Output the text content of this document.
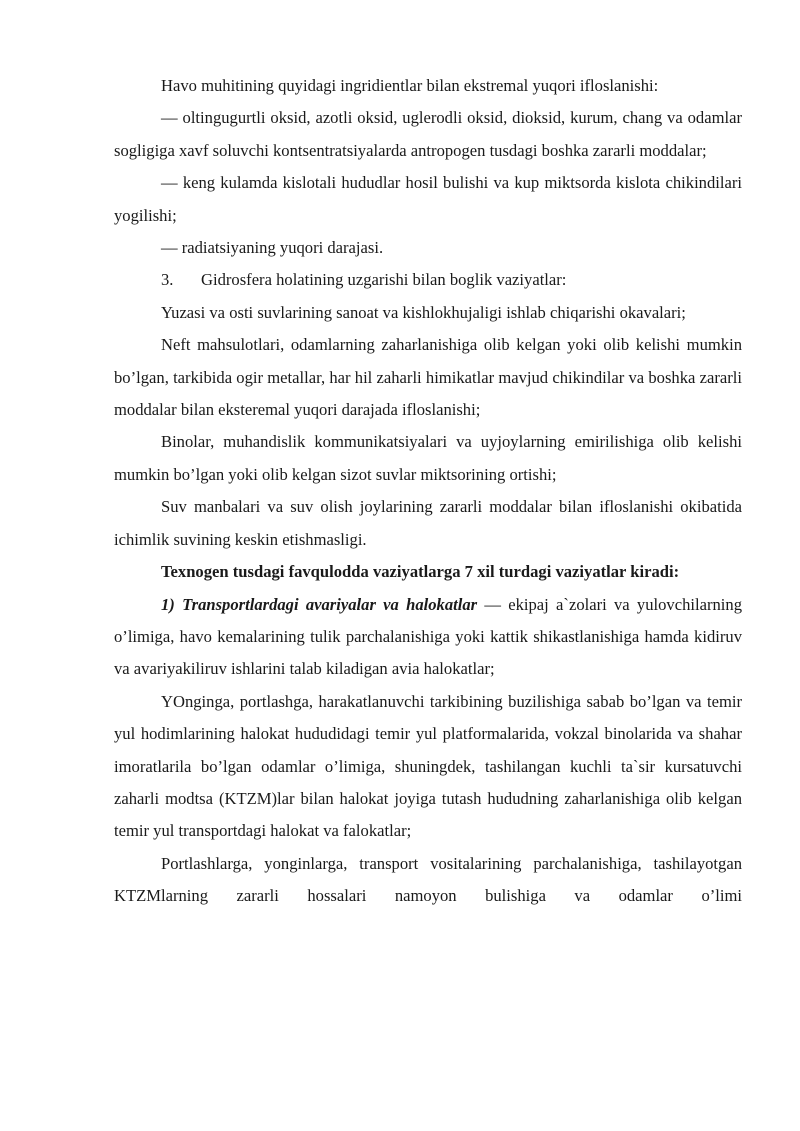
Havo muhitining quyidagi ingridientlar bilan ekstremal yuqori ifloslanishi:

— oltingugurtli oksid, azotli oksid, uglerodli oksid, dioksid, kurum, chang va odamlar sogligiga xavf soluvchi kontsentratsiyalarda antropogen tusdagi boshka zararli moddalar;

— keng kulamda kislotali hududlar hosil bulishi va kup miktsorda kislota chikindilari yogilishi;

— radiatsiyaning yuqori darajasi.

3. Gidrosfera holatining uzgarishi bilan boglik vaziyatlar:

Yuzasi va osti suvlarining sanoat va kishlokhujaligi ishlab chiqarishi okavalari;

Neft mahsulotlari, odamlarning zaharlanishiga olib kelgan yoki olib kelishi mumkin bo’lgan, tarkibida ogir metallar, har hil zaharli himikatlar mavjud chikindilar va boshka zararli moddalar bilan eksteremal yuqori darajada ifloslanishi;

Binolar, muhandislik kommunikatsiyalari va uyjoylarning emirilishiga olib kelishi mumkin bo’lgan yoki olib kelgan sizot suvlar miktsorining ortishi;

Suv manbalari va suv olish joylarining zararli moddalar bilan ifloslanishi okibatida ichimlik suvining keskin etishmasligi.

Texnogen tusdagi favqulodda vaziyatlarga 7 xil turdagi vaziyatlar kiradi:

1) Transportlardagi avariyalar va halokatlar — ekipaj a`zolari va yulovchilarning o’limiga, havo kemalarining tulik parchalanishiga yoki kattik shikastlanishiga hamda kidiruv va avariyakiliruv ishlarini talab kiladigan avia halokatlar;

YOnginga, portlashga, harakatlanuvchi tarkibining buzilishiga sabab bo’lgan va temir yul hodimlarining halokat hududidagi temir yul platformalarida, vokzal binolarida va shahar imoratlarila bo’lgan odamlar o’limiga, shuningdek, tashilangan kuchli ta`sir kursatuvchi zaharli modtsa (KTZM)lar bilan halokat joyiga tutash hududning zaharlanishiga olib kelgan temir yul transportdagi halokat va falokatlar;

Portlashlarga, yonginlarga, transport vositalarining parchalanishiga, tashilayotgan KTZMlarning zararli hossalari namoyon bulishiga va odamlar o’limi
